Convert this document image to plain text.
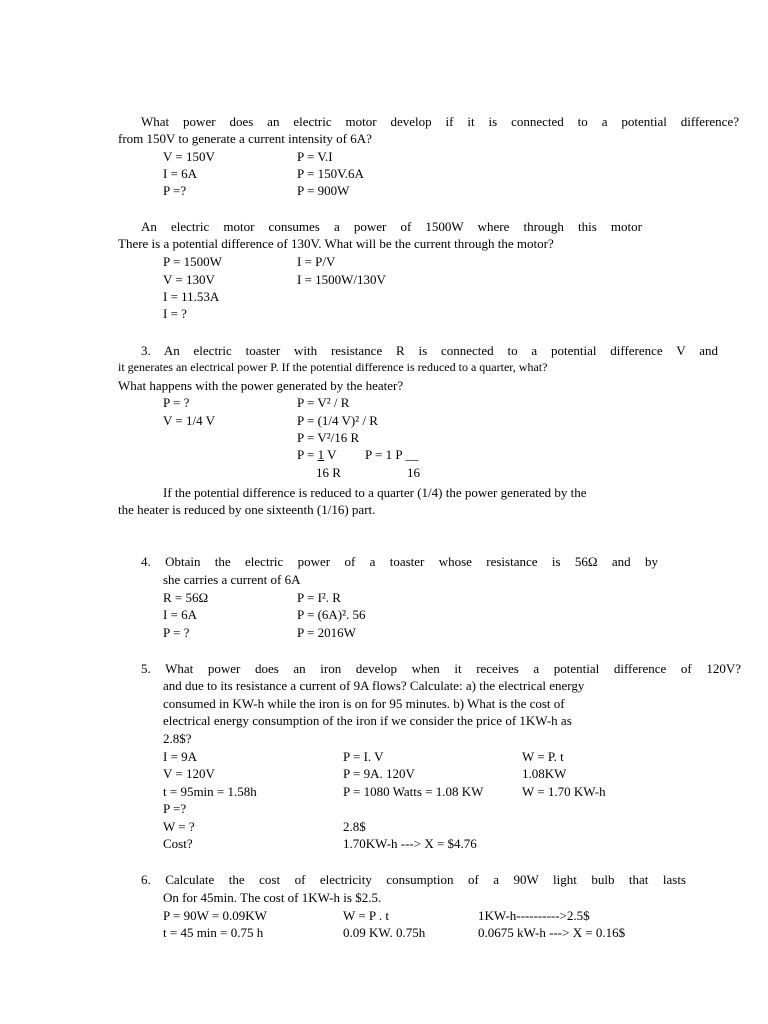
What power does an electric motor develop if it is connected to a potential difference?
from 150V to generate a current intensity of 6A?
V = 150V
I = 6A
P =?
P = V.I
P = 150V.6A
P = 900W
An electric motor consumes a power of 1500W where through this motor
There is a potential difference of 130V. What will be the current through the motor?
P = 1500W
V = 130V
I = 11.53A
I = ?
I = P/V
I = 1500W/130V
3. An electric toaster with resistance R is connected to a potential difference V and
it generates an electrical power P. If the potential difference is reduced to a quarter, what?
What happens with the power generated by the heater?
P = ?
V = 1/4 V
P = V² / R
P = (1/4 V)² / R
P = V²/16 R
P = 1 V P = 1 P __
16 R	16
If the potential difference is reduced to a quarter (1/4) the power generated by the
the heater is reduced by one sixteenth (1/16) part.
4. Obtain the electric power of a toaster whose resistance is 56Ω and by
she carries a current of 6A
R = 56Ω
I = 6A
P = ?
P = I². R
P = (6A)². 56
P = 2016W
5. What power does an iron develop when it receives a potential difference of 120V?
and due to its resistance a current of 9A flows? Calculate: a) the electrical energy
consumed in KW-h while the iron is on for 95 minutes. b) What is the cost of
electrical energy consumption of the iron if we consider the price of 1KW-h as
2.8$?
I = 9A
V = 120V
t = 95min = 1.58h
P =?
W = ?
Cost?
P = I. V
P = 9A. 120V
P = 1080 Watts = 1.08 KW
2.8$
1.70KW-h ---> X = $4.76
W = P. t
1.08KW
W = 1.70 KW-h
6. Calculate the cost of electricity consumption of a 90W light bulb that lasts
On for 45min. The cost of 1KW-h is $2.5.
P = 90W = 0.09KW
t = 45 min = 0.75 h
W = P . t
0.09 KW. 0.75h
1KW-h---------->2.5$
0.0675 kW-h ---> X = 0.16$
